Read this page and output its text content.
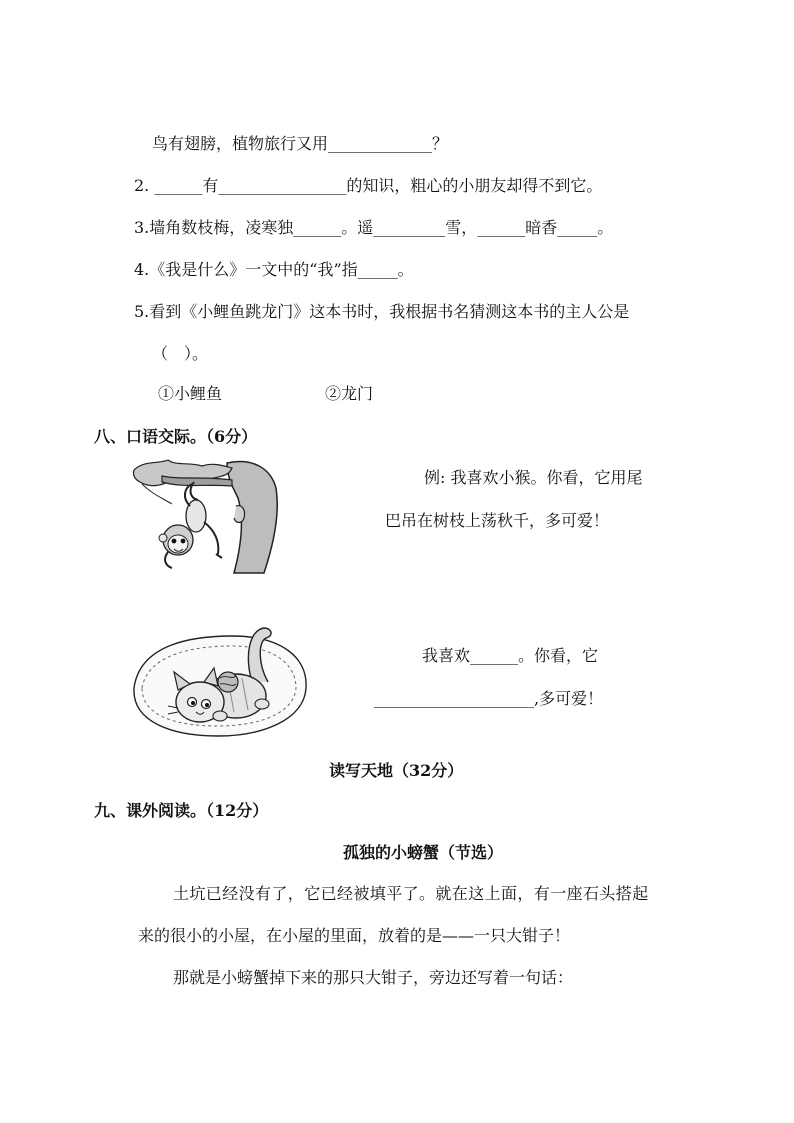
鸟有翅膀，植物旅行又用_____________？
2. ______有________________的知识，粗心的小朋友却得不到它。
3.墙角数枝梅，凌寒独______。遥_________雪，______暗香_____。
4.《我是什么》一文中的“我”指_____。
5.看到《小鲤鱼跳龙门》这本书时，我根据书名猜测这本书的主人公是
（　）。
①小鲤鱼	②龙门
八、口语交际。（6分）
例: 我喜欢小猴。你看，它用尾
巴吊在树枝上荡秋千，多可爱！
我喜欢______。你看，它
____________________,多可爱！
读写天地（32分）
九、课外阅读。（12分）
孤独的小螃蟹（节选）
土坑已经没有了，它已经被填平了。就在这上面，有一座石头搭起
来的很小的小屋，在小屋的里面，放着的是——一只大钳子！
那就是小螃蟹掉下来的那只大钳子，旁边还写着一句话：
